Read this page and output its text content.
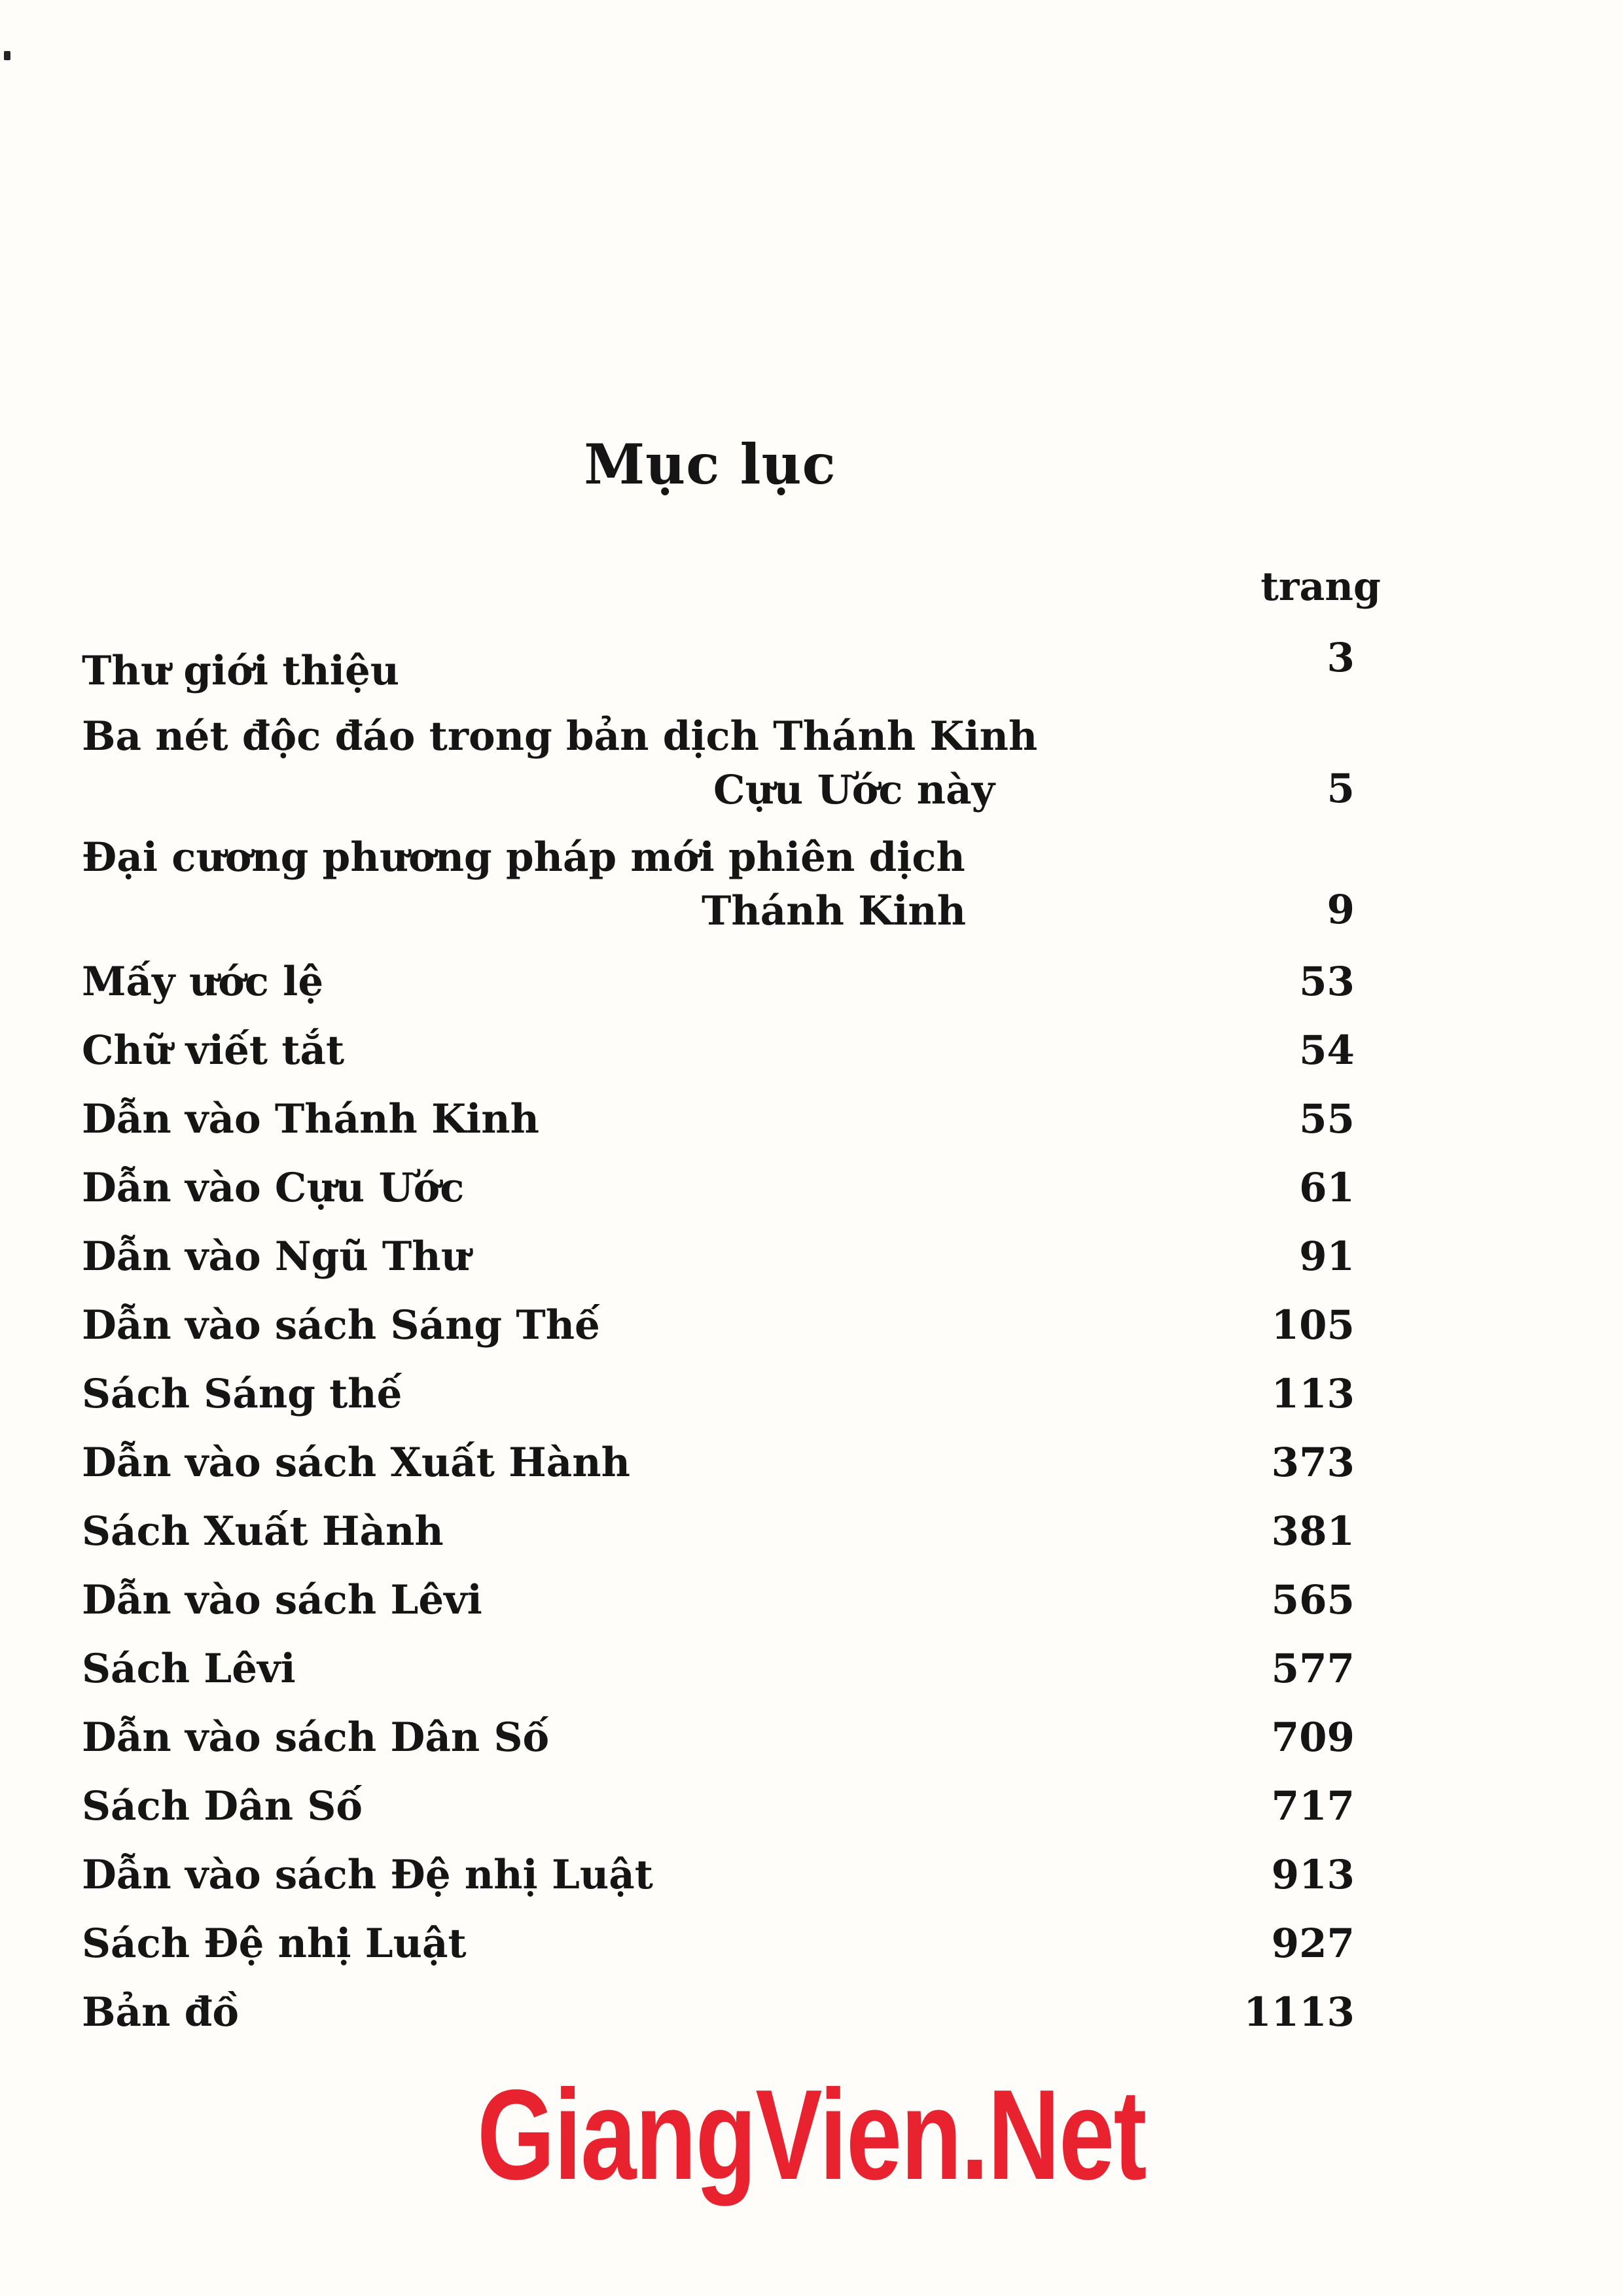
Mục lục
trang
Thư giới thiệu	3
Ba nét độc đáo trong bản dịch Thánh Kinh
Cựu Ước này	5
Đại cương phương pháp mới phiên dịch
Thánh Kinh	9
Mấy ước lệ	53
Chữ viết tắt	54
Dẫn vào Thánh Kinh	55
Dẫn vào Cựu Ước	61
Dẫn vào Ngũ Thư	91
Dẫn vào sách Sáng Thế	105
Sách Sáng thế	113
Dẫn vào sách Xuất Hành	373
Sách Xuất Hành	381
Dẫn vào sách Lêvi	565
Sách Lêvi	577
Dẫn vào sách Dân Số	709
Sách Dân Số	717
Dẫn vào sách Đệ nhị Luật	913
Sách Đệ nhị Luật	927
Bản đồ	1113
GiangVien.Net
